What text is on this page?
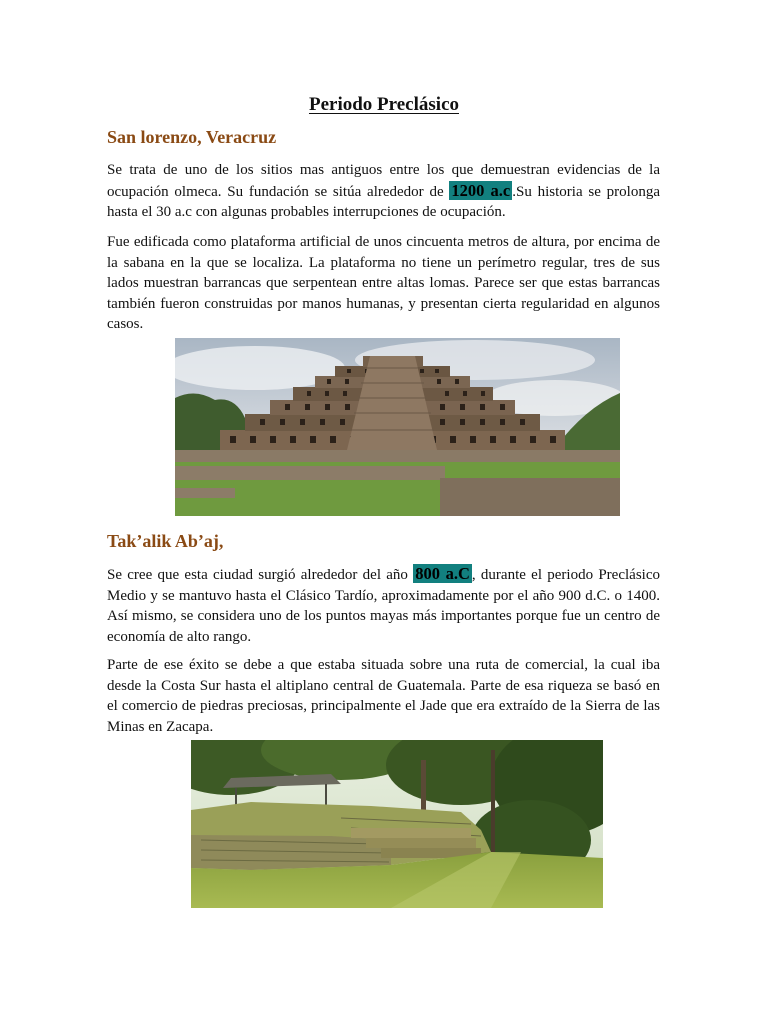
Periodo Preclásico
San lorenzo, Veracruz
Se trata de uno de los sitios mas antiguos entre los que demuestran evidencias de la ocupación olmeca. Su fundación se sitúa alrededor de 1200 a.c .Su historia se prolonga hasta el 30 a.c con algunas probables interrupciones de ocupación.
Fue edificada como plataforma artificial de unos cincuenta metros de altura, por encima de la sabana en la que se localiza. La plataforma no tiene un perímetro regular, tres de sus lados muestran barrancas que serpentean entre altas lomas. Parece ser que estas barrancas también fueron construidas por manos humanas, y presentan cierta regularidad en algunos casos.
Tak’alik Ab’aj,
Se cree que esta ciudad surgió alrededor del año 800 a.C , durante el periodo Preclásico Medio y se mantuvo hasta el Clásico Tardío, aproximadamente por el año 900 d.C. o 1400. Así mismo, se considera uno de los puntos mayas más importantes porque fue un centro de economía de alto rango.
Parte de ese éxito se debe a que estaba situada sobre una ruta de comercial, la cual iba desde la Costa Sur hasta el altiplano central de Guatemala. Parte de esa riqueza se basó en el comercio de piedras preciosas, principalmente el Jade que era extraído de la Sierra de las Minas en Zacapa.
